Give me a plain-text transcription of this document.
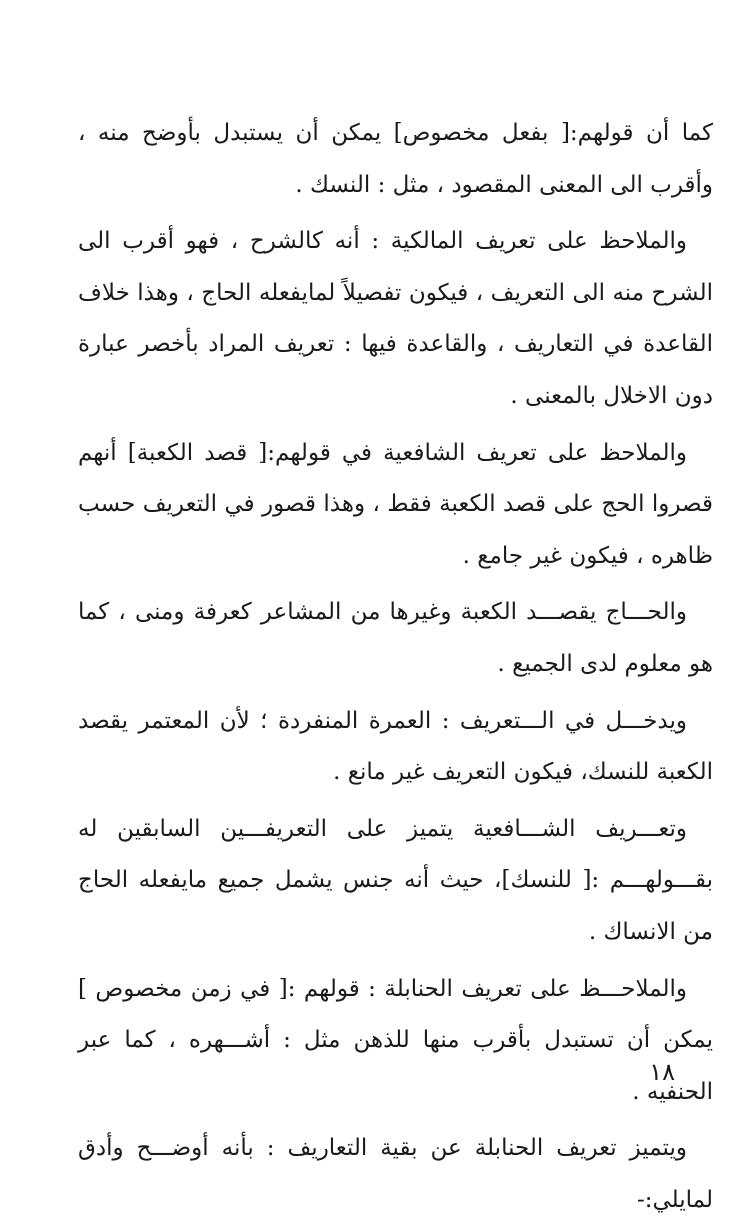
كما أن قولهم:[ بفعل مخصوص] يمكن أن يستبدل بأوضح منه ، وأقرب الى المعنى المقصود ، مثل : النسك .

والملاحظ على تعريف المالكية : أنه كالشرح ، فهو أقرب الى الشرح منه الى التعريف ، فيكون تفصيلاً لمايفعله الحاج ، وهذا خلاف القاعدة في التعاريف ، والقاعدة فيها : تعريف المراد بأخصر عبارة دون الاخلال بالمعنى .

والملاحظ على تعريف الشافعية في قولهم:[ قصد الكعبة] أنهم قصروا الحج على قصد الكعبة فقط ، وهذا قصور في التعريف حسب ظاهره ، فيكون غير جامع .

والحـــاج يقصـــد الكعبة وغيرها من المشاعر كعرفة ومنى ، كما هو معلوم لدى الجميع .

ويدخـــل في الـــتعريف : العمرة المنفردة ؛ لأن المعتمر يقصد الكعبة للنسك، فيكون التعريف غير مانع .

وتعـــريف الشـــافعية يتميز على التعريفـــين السابقين له بقـــولهـــم :[ للنسك]، حيث أنه جنس يشمل جميع مايفعله الحاج من الانساك .

والملاحـــظ على تعريف الحنابلة : قولهم :[ في زمن مخصوص ] يمكن أن تستبدل بأقرب منها للذهن مثل : أشـــهره ، كما عبر الحنفيه .

ويتميز تعريف الحنابلة عن بقية التعاريف : بأنه أوضـــح وأدق لمايلي:-

١٨
